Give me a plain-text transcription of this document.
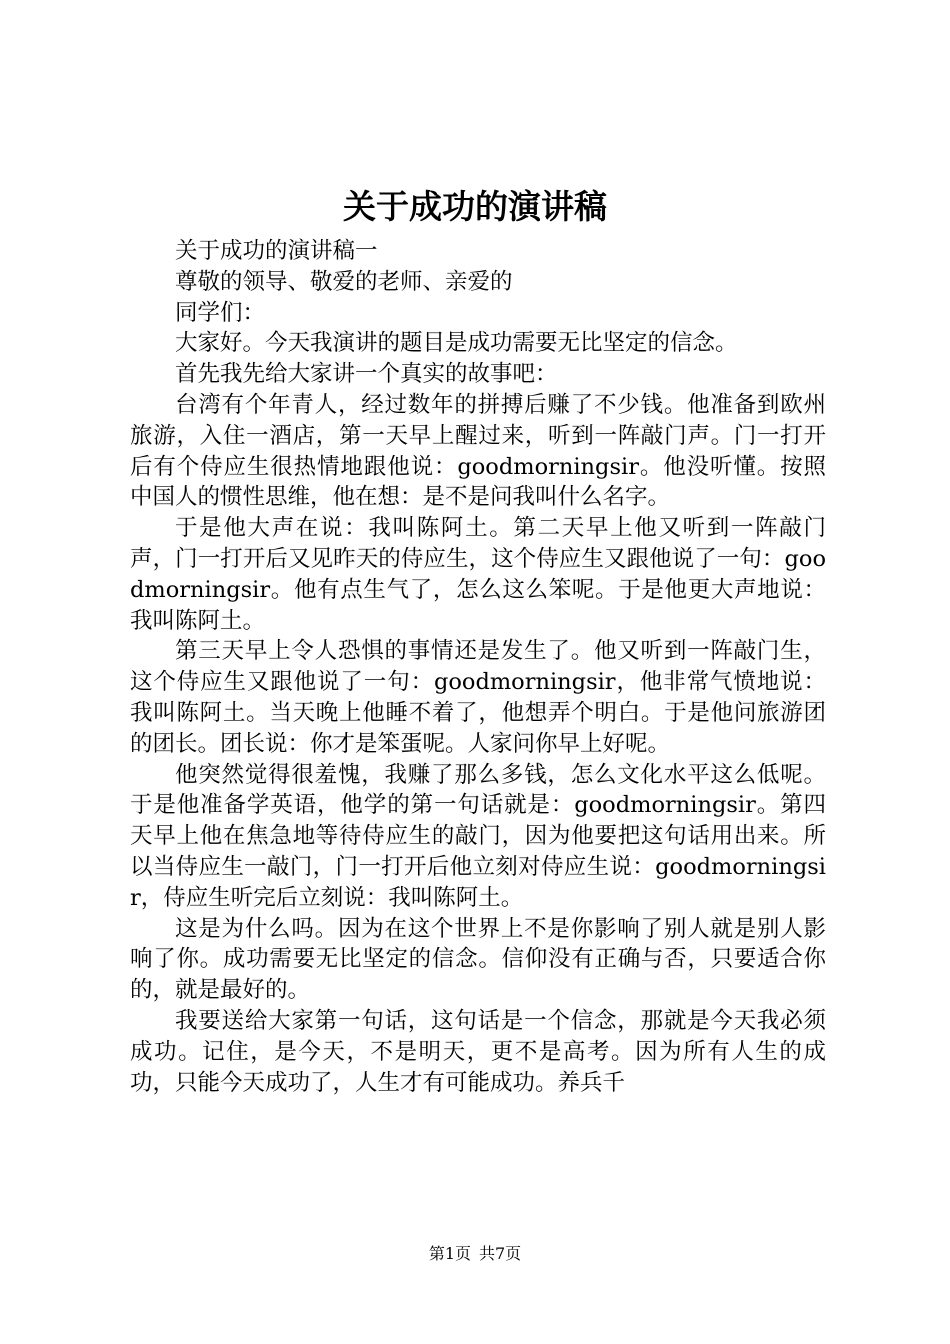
关于成功的演讲稿

关于成功的演讲稿一

尊敬的领导、敬爱的老师、亲爱的

同学们：

大家好。今天我演讲的题目是成功需要无比坚定的信念。

首先我先给大家讲一个真实的故事吧：

台湾有个年青人，经过数年的拼搏后赚了不少钱。他准备到欧州旅游，入住一酒店，第一天早上醒过来，听到一阵敲门声。门一打开后有个侍应生很热情地跟他说：goodmorningsir。他没听懂。按照中国人的惯性思维，他在想：是不是问我叫什么名字。

于是他大声在说：我叫陈阿土。第二天早上他又听到一阵敲门声，门一打开后又见昨天的侍应生，这个侍应生又跟他说了一句：goodmorningsir。他有点生气了，怎么这么笨呢。于是他更大声地说：我叫陈阿土。

第三天早上令人恐惧的事情还是发生了。他又听到一阵敲门生，这个侍应生又跟他说了一句：goodmorningsir，他非常气愤地说：我叫陈阿土。当天晚上他睡不着了，他想弄个明白。于是他问旅游团的团长。团长说：你才是笨蛋呢。人家问你早上好呢。

他突然觉得很羞愧，我赚了那么多钱，怎么文化水平这么低呢。于是他准备学英语，他学的第一句话就是：goodmorningsir。第四天早上他在焦急地等待侍应生的敲门，因为他要把这句话用出来。所以当侍应生一敲门，门一打开后他立刻对侍应生说：goodmorningsir，侍应生听完后立刻说：我叫陈阿土。

这是为什么吗。因为在这个世界上不是你影响了别人就是别人影响了你。成功需要无比坚定的信念。信仰没有正确与否，只要适合你的，就是最好的。

我要送给大家第一句话，这句话是一个信念，那就是今天我必须成功。记住，是今天，不是明天，更不是高考。因为所有人生的成功，只能今天成功了，人生才有可能成功。养兵千

第1页 共7页
